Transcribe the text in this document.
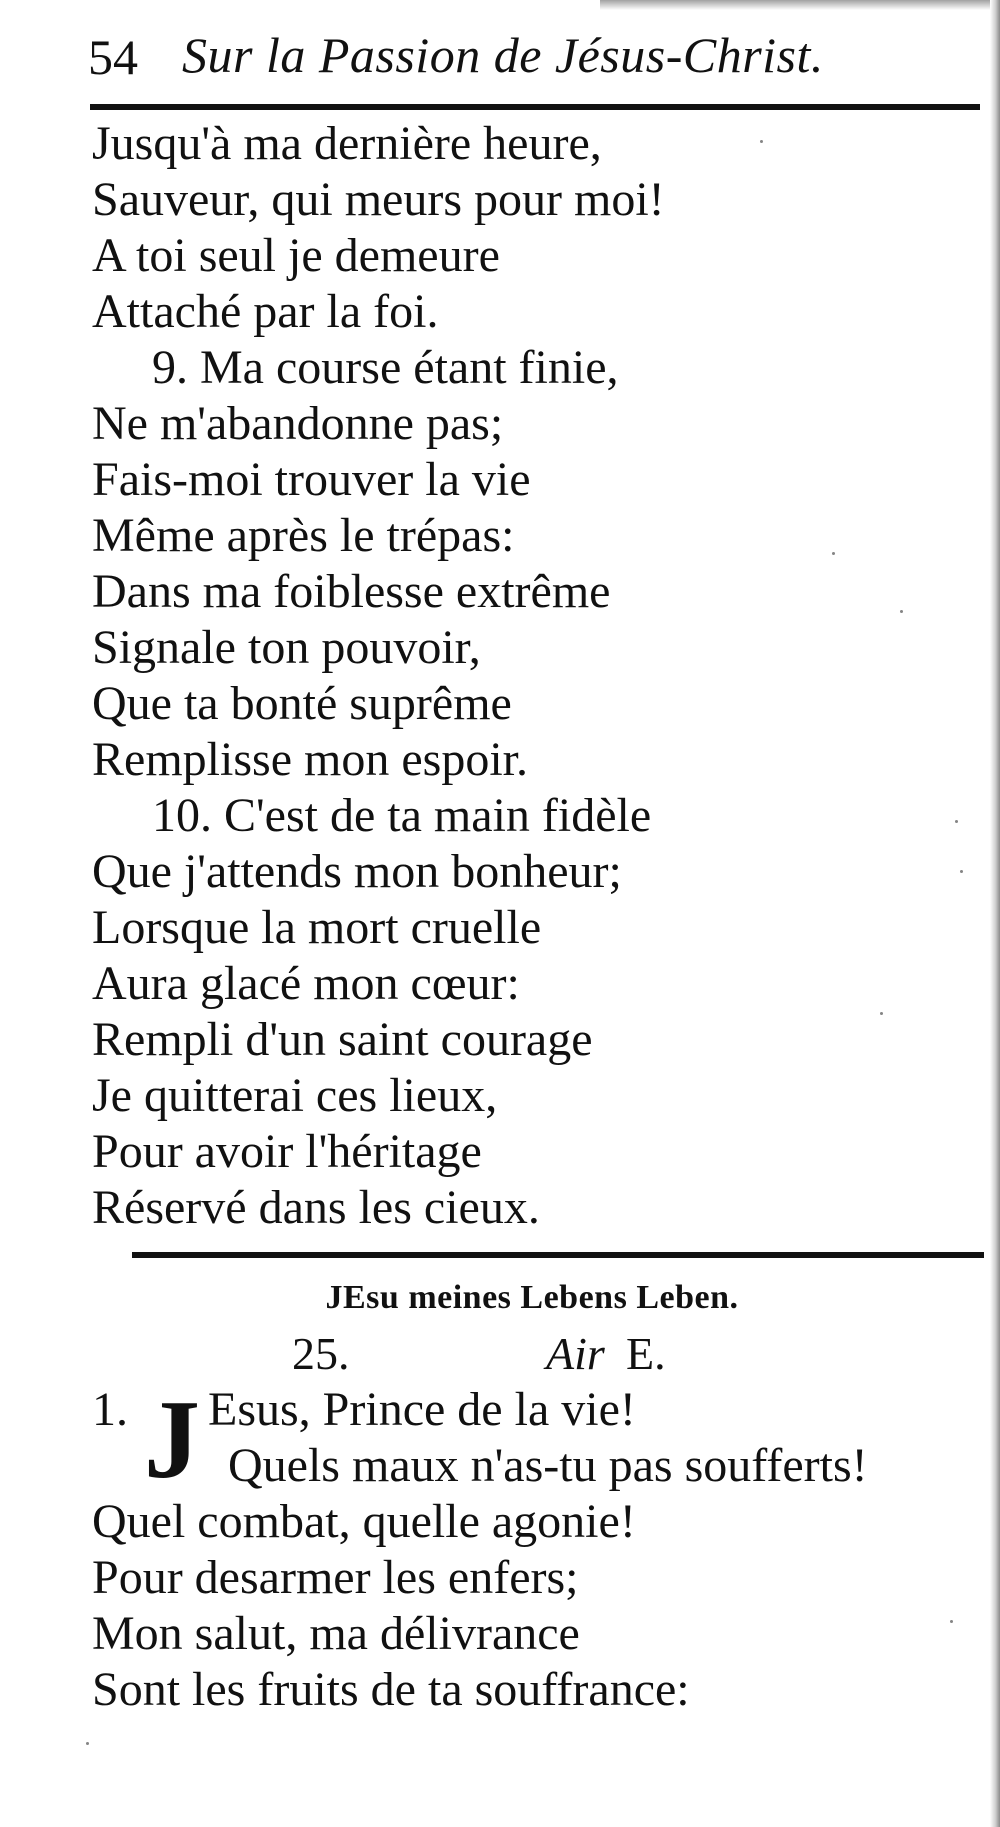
54 Sur la Passion de Jésus-Christ.
Jusqu'à ma dernière heure,
Sauveur, qui meurs pour moi!
A toi seul je demeure
Attaché par la foi.
9. Ma course étant finie,
Ne m'abandonne pas;
Fais-moi trouver la vie
Même après le trépas:
Dans ma foiblesse extrême
Signale ton pouvoir,
Que ta bonté suprême
Remplisse mon espoir.
10. C'est de ta main fidèle
Que j'attends mon bonheur;
Lorsque la mort cruelle
Aura glacé mon cœur:
Rempli d'un saint courage
Je quitterai ces lieux,
Pour avoir l'héritage
Réservé dans les cieux.
JEsu meines Lebens Leben.
25.	Air E.
1. J Esus, Prince de la vie!
Quels maux n'as-tu pas soufferts!
Quel combat, quelle agonie!
Pour desarmer les enfers;
Mon salut, ma délivrance
Sont les fruits de ta souffrance:
